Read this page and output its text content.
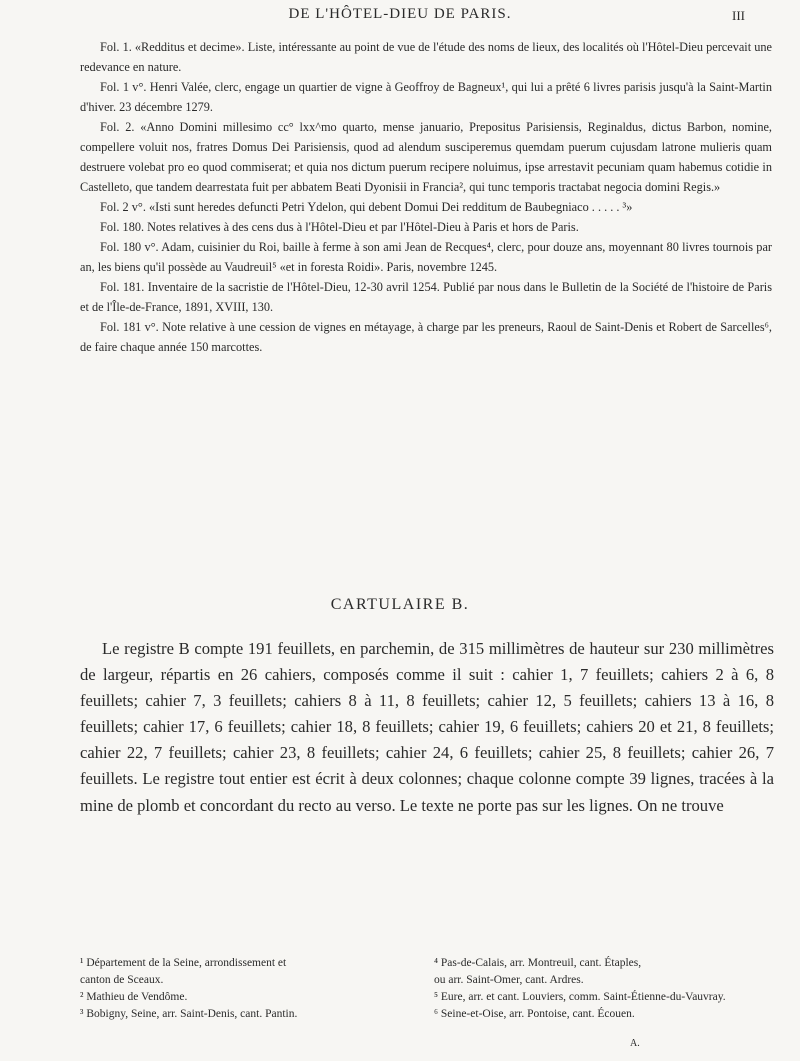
DE L'HÔTEL-DIEU DE PARIS.	III

Fol. 1. «Redditus et decime». Liste, intéressante au point de vue de l'étude des noms de lieux, des localités où l'Hôtel-Dieu percevait une redevance en nature.

Fol. 1 v°. Henri Valée, clerc, engage un quartier de vigne à Geoffroy de Bagneux¹, qui lui a prêté 6 livres parisis jusqu'à la Saint-Martin d'hiver. 23 décembre 1279.

Fol. 2. «Anno Domini millesimo cc° lxx^mo quarto, mense januario, Prepositus Parisiensis, Reginaldus, dictus Barbon, nomine, compellere voluit nos, fratres Domus Dei Parisiensis, quod ad alendum susciperemus quemdam puerum cujusdam latrone mulieris quam destruere volebat pro eo quod commiserat; et quia nos dictum puerum recipere noluimus, ipse arrestavit pecuniam quam habemus cotidie in Castelleto, que tandem dearrestata fuit per abbatem Beati Dyonisii in Francia², qui tunc temporis tractabat negocia domini Regis.»

Fol. 2 v°. «Isti sunt heredes defuncti Petri Ydelon, qui debent Domui Dei redditum de Baubegniaco . . . . . ³»

Fol. 180. Notes relatives à des cens dus à l'Hôtel-Dieu et par l'Hôtel-Dieu à Paris et hors de Paris.

Fol. 180 v°. Adam, cuisinier du Roi, baille à ferme à son ami Jean de Recques⁴, clerc, pour douze ans, moyennant 80 livres tournois par an, les biens qu'il possède au Vaudreuil⁵ «et in foresta Roidi». Paris, novembre 1245.

Fol. 181. Inventaire de la sacristie de l'Hôtel-Dieu, 12-30 avril 1254. Publié par nous dans le Bulletin de la Société de l'histoire de Paris et de l'Île-de-France, 1891, XVIII, 130.

Fol. 181 v°. Note relative à une cession de vignes en métayage, à charge par les preneurs, Raoul de Saint-Denis et Robert de Sarcelles⁶, de faire chaque année 150 marcottes.

CARTULAIRE B.

Le registre B compte 191 feuillets, en parchemin, de 315 millimètres de hauteur sur 230 millimètres de largeur, répartis en 26 cahiers, composés comme il suit : cahier 1, 7 feuillets; cahiers 2 à 6, 8 feuillets; cahier 7, 3 feuillets; cahiers 8 à 11, 8 feuillets; cahier 12, 5 feuillets; cahiers 13 à 16, 8 feuillets; cahier 17, 6 feuillets; cahier 18, 8 feuillets; cahier 19, 6 feuillets; cahiers 20 et 21, 8 feuillets; cahier 22, 7 feuillets; cahier 23, 8 feuillets; cahier 24, 6 feuillets; cahier 25, 8 feuillets; cahier 26, 7 feuillets. Le registre tout entier est écrit à deux colonnes; chaque colonne compte 39 lignes, tracées à la mine de plomb et concordant du recto au verso. Le texte ne porte pas sur les lignes. On ne trouve

¹ Département de la Seine, arrondissement et
canton de Sceaux.
² Mathieu de Vendôme.
³ Bobigny, Seine, arr. Saint-Denis, cant. Pantin.
⁴ Pas-de-Calais, arr. Montreuil, cant. Étaples,
ou arr. Saint-Omer, cant. Ardres.
⁵ Eure, arr. et cant. Louviers, comm. Saint-Étienne-du-Vauvray.
⁶ Seine-et-Oise, arr. Pontoise, cant. Écouen.
A.
